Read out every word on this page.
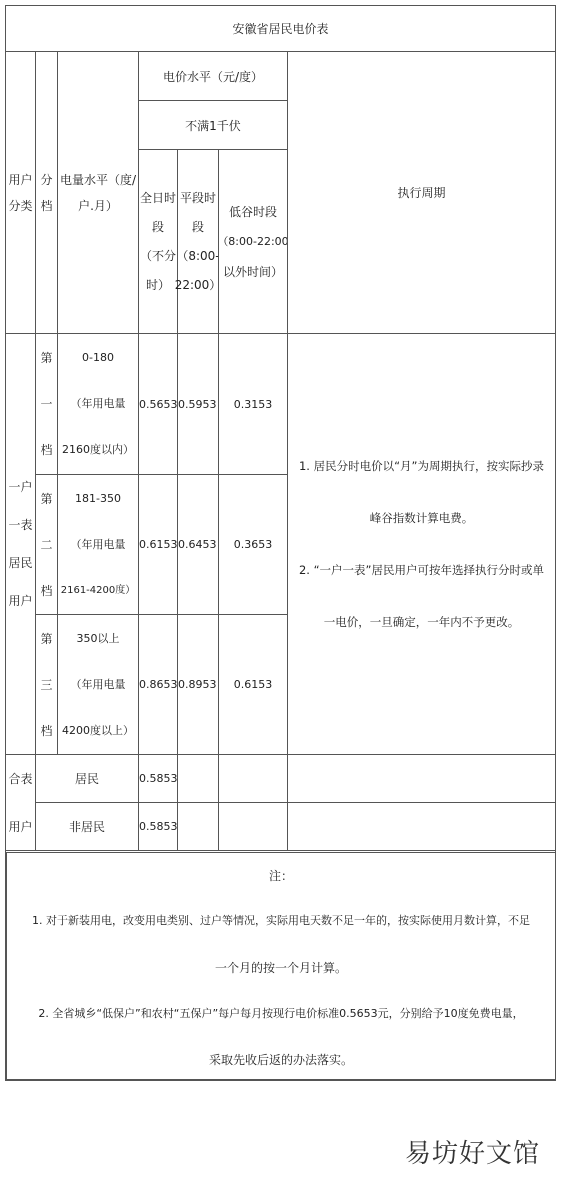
安徽省居民电价表
用户
分类
分
档
电量水平（度/
户.月）
电价水平（元/度）
不满1千伏
全日时
段
（不分
时）
平段时
段
（8:00-
22:00）
低谷时段
（8:00-22:00
以外时间）
执行周期
一户
一表
居民
用户
第
一
档
0-180
（年用电量
2160度以内）
0.5653 0.5953 0.3153
第
二
档
181-350
（年用电量
2161-4200度）
0.6153 0.6453 0.3653
第
三
档
350以上
（年用电量
4200度以上）
0.8653 0.8953 0.6153
1. 居民分时电价以“月”为周期执行，按实际抄录
峰谷指数计算电费。
2. “一户一表”居民用户可按年选择执行分时或单
一电价，一旦确定，一年内不予更改。
合表
用户
居民	0.5853
非居民	0.5853
注：
1. 对于新装用电，改变用电类别、过户等情况，实际用电天数不足一年的，按实际使用月数计算，不足
一个月的按一个月计算。
2. 全省城乡“低保户”和农村“五保户”每户每月按现行电价标准0.5653元，分别给予10度免费电量，
采取先收后返的办法落实。
易坊好文馆
